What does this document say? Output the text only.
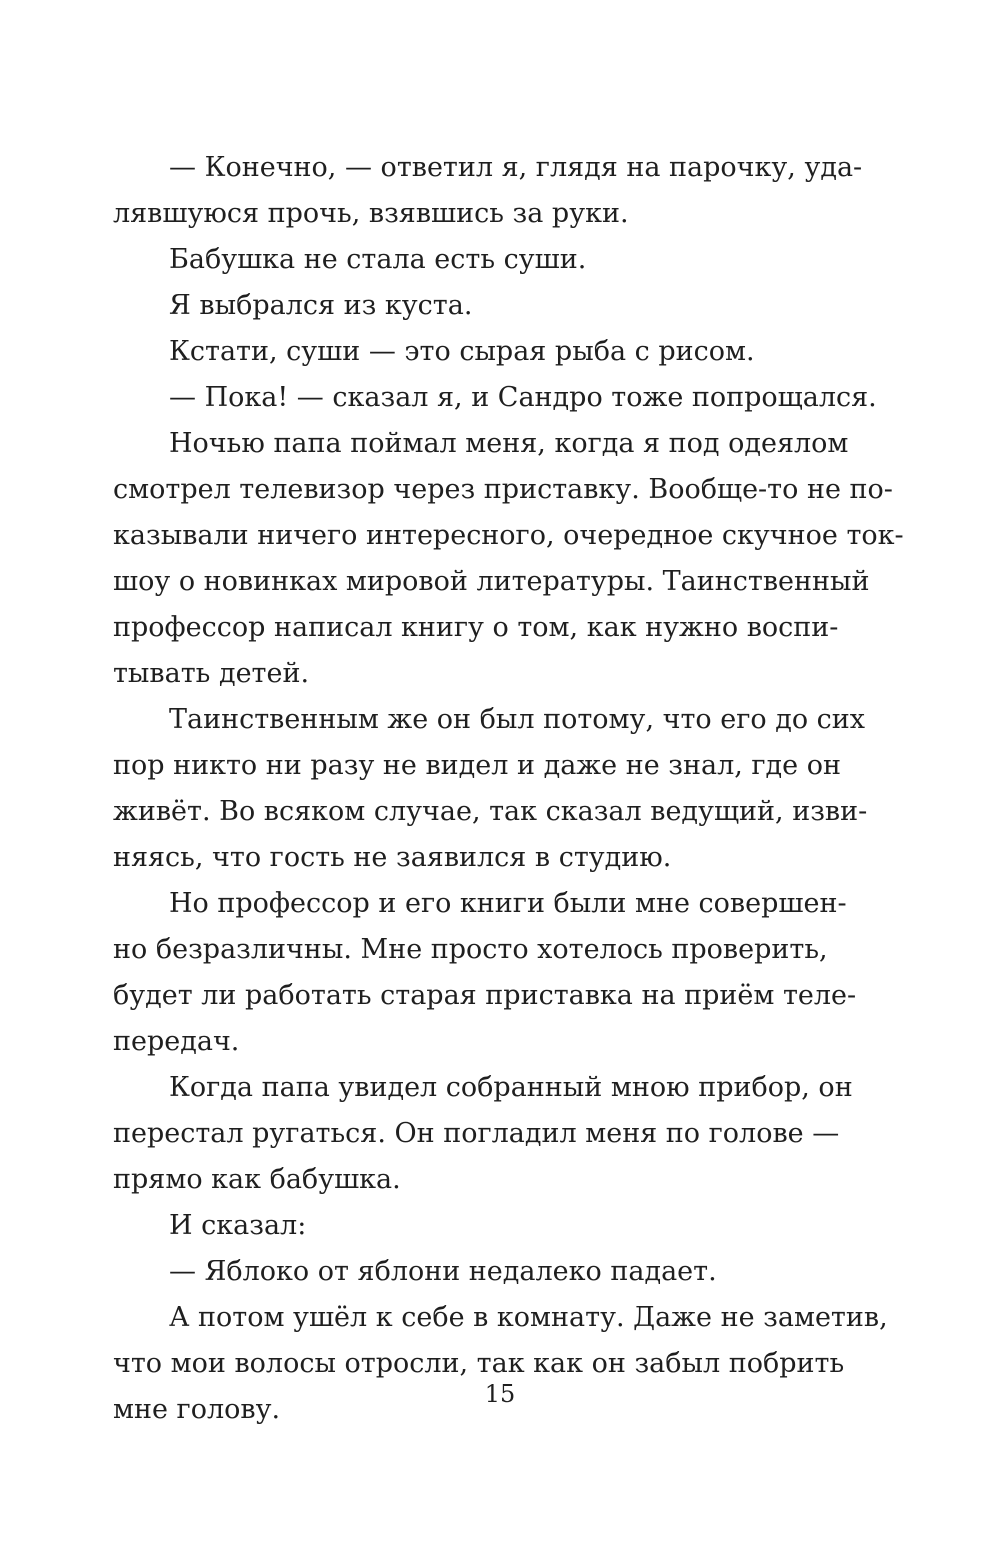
— Конечно, — ответил я, глядя на парочку, уда-
лявшуюся прочь, взявшись за руки.
Бабушка не стала есть суши.
Я выбрался из куста.
Кстати, суши — это сырая рыба с рисом.
— Пока! — сказал я, и Сандро тоже попрощался.
Ночью папа поймал меня, когда я под одеялом
смотрел телевизор через приставку. Вообще-то не по-
казывали ничего интересного, очередное скучное ток-
шоу о новинках мировой литературы. Таинственный
профессор написал книгу о том, как нужно воспи-
тывать детей.
Таинственным же он был потому, что его до сих
пор никто ни разу не видел и даже не знал, где он
живёт. Во всяком случае, так сказал ведущий, изви-
няясь, что гость не заявился в студию.
Но профессор и его книги были мне совершен-
но безразличны. Мне просто хотелось проверить,
будет ли работать старая приставка на приём теле-
передач.
Когда папа увидел собранный мною прибор, он
перестал ругаться. Он погладил меня по голове —
прямо как бабушка.
И сказал:
— Яблоко от яблони недалеко падает.
А потом ушёл к себе в комнату. Даже не заметив,
что мои волосы отросли, так как он забыл побрить
мне голову.	15
